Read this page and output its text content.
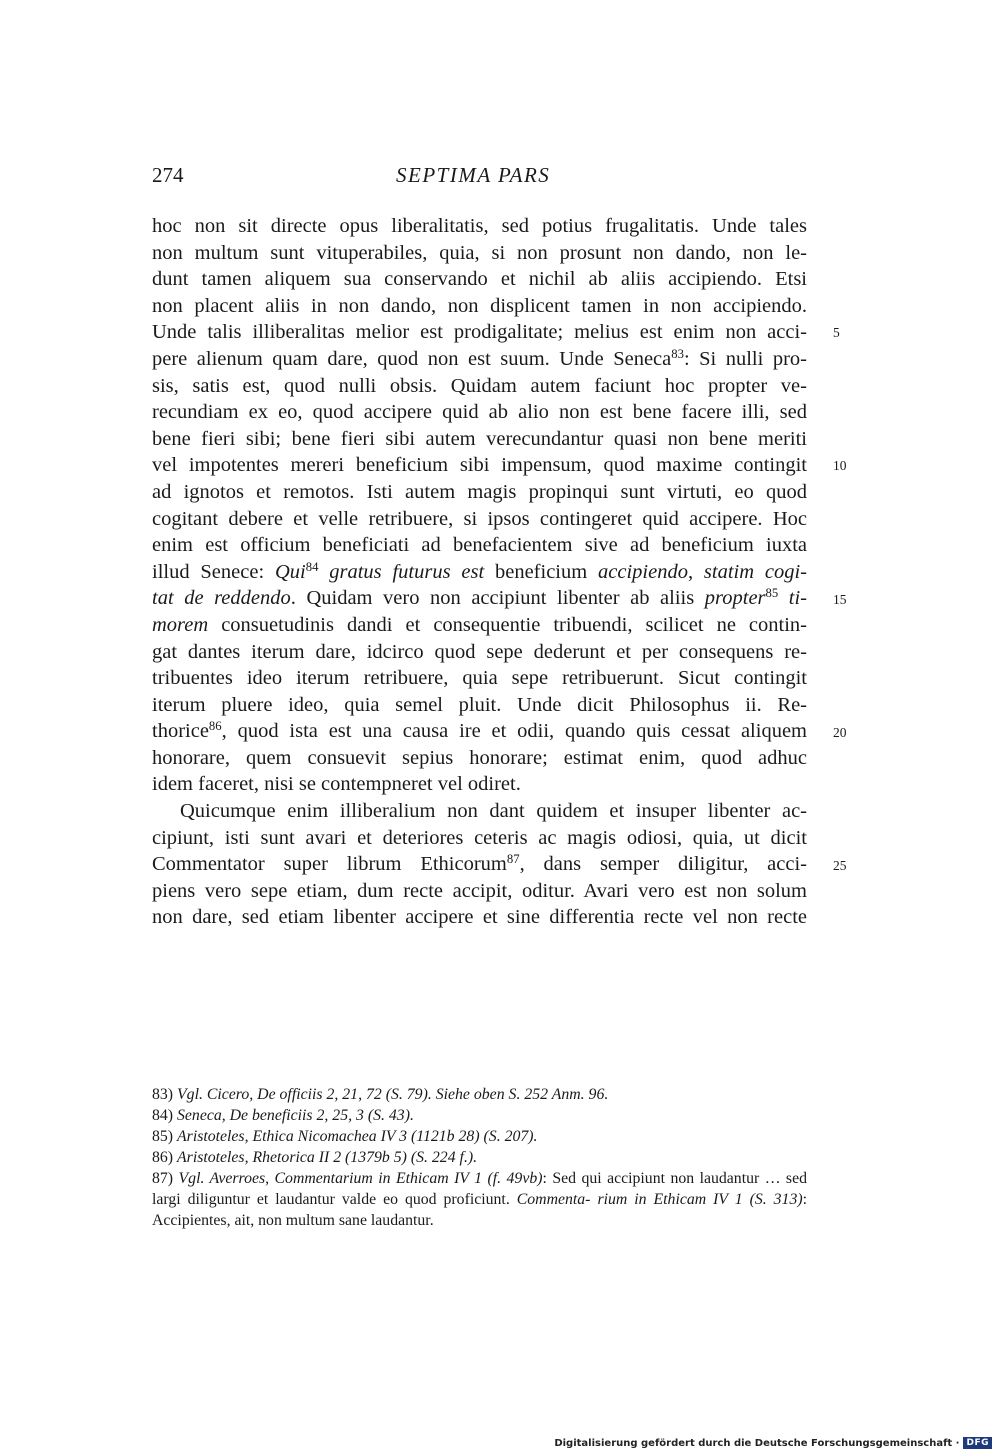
274	SEPTIMA PARS
hoc non sit directe opus liberalitatis, sed potius frugalitatis. Unde tales
non multum sunt vituperabiles, quia, si non prosunt non dando, non le-
dunt tamen aliquem sua conservando et nichil ab aliis accipiendo. Etsi
non placent aliis in non dando, non displicent tamen in non accipiendo.
Unde talis illiberalitas melior est prodigalitate; melius est enim non acci-
pere alienum quam dare, quod non est suum. Unde Seneca$^{83}$: Si nulli pro-
sis, satis est, quod nulli obsis. Quidam autem faciunt hoc propter ve-
recundiam ex eo, quod accipere quid ab alio non est bene facere illi, sed
bene fieri sibi; bene fieri sibi autem verecundantur quasi non bene meriti
vel impotentes mereri beneficium sibi impensum, quod maxime contingit
ad ignotos et remotos. Isti autem magis propinqui sunt virtuti, eo quod
cogitant debere et velle retribuere, si ipsos contingeret quid accipere. Hoc
enim est officium beneficiati ad benefacientem sive ad beneficium iuxta
illud Senece: Qui$^{84}$ gratus futurus est beneficium accipiendo, statim cogi-
tat de reddendo. Quidam vero non accipiunt libenter ab aliis propter$^{85}$ ti-
morem consuetudinis dandi et consequentie tribuendi, scilicet ne contin-
gat dantes iterum dare, idcirco quod sepe dederunt et per consequens re-
tribuentes ideo iterum retribuere, quia sepe retribuerunt. Sicut contingit
iterum pluere ideo, quia semel pluit. Unde dicit Philosophus ii. Re-
thorice$^{86}$, quod ista est una causa ire et odii, quando quis cessat aliquem
honorare, quem consuevit sepius honorare; estimat enim, quod adhuc
idem faceret, nisi se contempneret vel odiret.
Quicumque enim illiberalium non dant quidem et insuper libenter ac-
cipiunt, isti sunt avari et deteriores ceteris ac magis odiosi, quia, ut dicit
Commentator super librum Ethicorum$^{87}$, dans semper diligitur, acci-
piens vero sepe etiam, dum recte accipit, oditur. Avari vero est non solum
non dare, sed etiam libenter accipere et sine differentia recte vel non recte
5
10
15
20
25
83) Vgl. Cicero, De officiis 2, 21, 72 (S. 79). Siehe oben S. 252 Anm. 96.
84) Seneca, De beneficiis 2, 25, 3 (S. 43).
85) Aristoteles, Ethica Nicomachea IV 3 (1121b 28) (S. 207).
86) Aristoteles, Rhetorica II 2 (1379b 5) (S. 224 f.).
87) Vgl. Averroes, Commentarium in Ethicam IV 1 (f. 49vb): Sed qui accipiunt non laudantur … sed largi diliguntur et laudantur valde eo quod proficiunt. Commenta- rium in Ethicam IV 1 (S. 313): Accipientes, ait, non multum sane laudantur.
Digitalisierung gefördert durch die Deutsche Forschungsgemeinschaft · DFG
